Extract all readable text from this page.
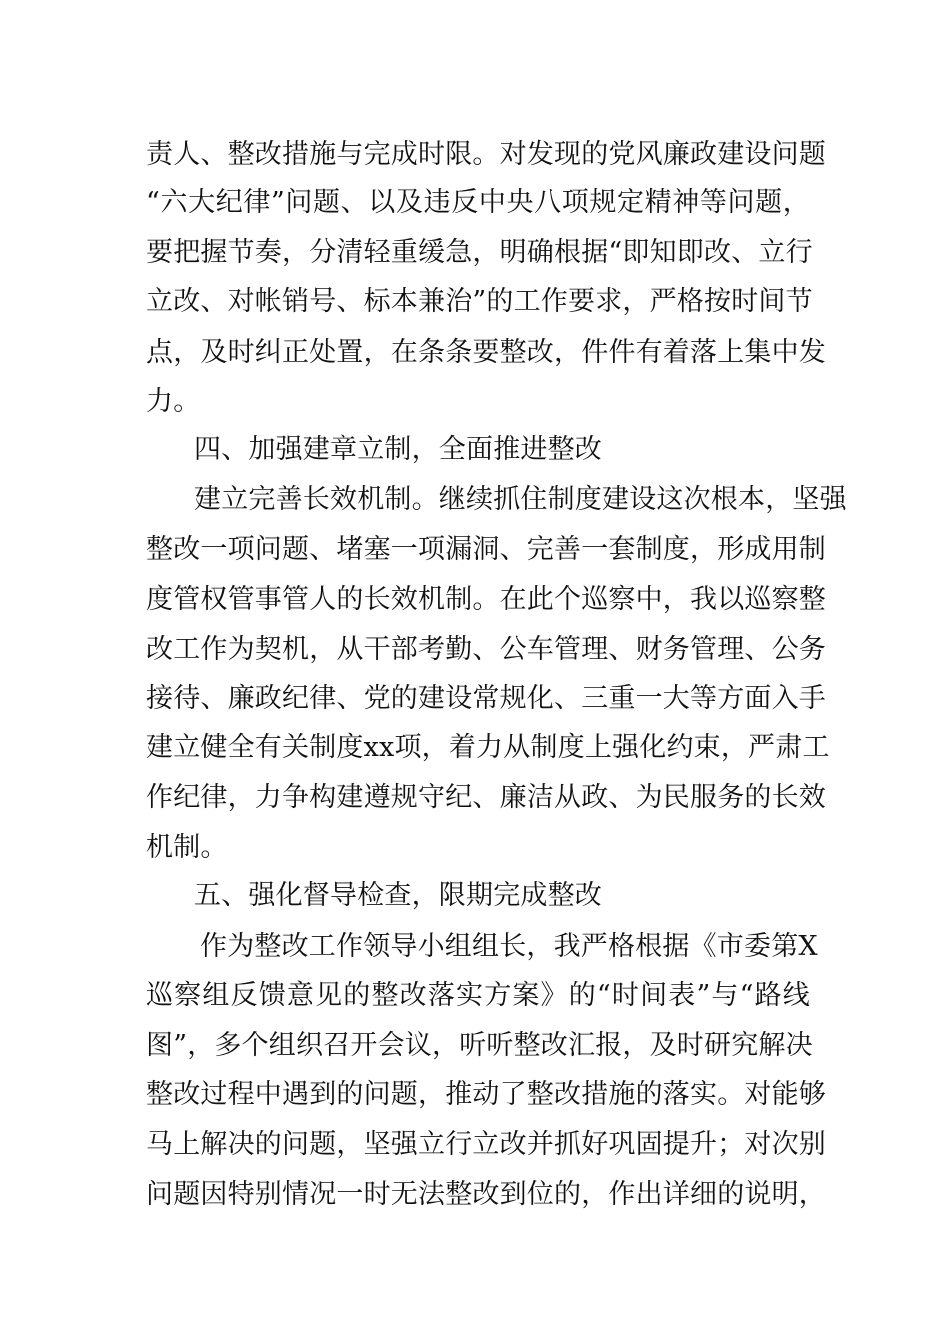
责人、整改措施与完成时限。对发现的党风廉政建设问题
“六大纪律”问题、以及违反中央八项规定精神等问题，
要把握节奏，分清轻重缓急，明确根据“即知即改、立行
立改、对帐销号、标本兼治”的工作要求，严格按时间节
点，及时纠正处置，在条条要整改，件件有着落上集中发
力。
四、加强建章立制，全面推进整改
建立完善长效机制。继续抓住制度建设这次根本，坚强
整改一项问题、堵塞一项漏洞、完善一套制度，形成用制
度管权管事管人的长效机制。在此个巡察中，我以巡察整
改工作为契机，从干部考勤、公车管理、财务管理、公务
接待、廉政纪律、党的建设常规化、三重一大等方面入手
建立健全有关制度xx项，着力从制度上强化约束，严肃工
作纪律，力争构建遵规守纪、廉洁从政、为民服务的长效
机制。
五、强化督导检查，限期完成整改
作为整改工作领导小组组长，我严格根据《市委第X
巡察组反馈意见的整改落实方案》的“时间表”与“路线
图”，多个组织召开会议，听听整改汇报，及时研究解决
整改过程中遇到的问题，推动了整改措施的落实。对能够
马上解决的问题，坚强立行立改并抓好巩固提升；对次别
问题因特别情况一时无法整改到位的，作出详细的说明，
